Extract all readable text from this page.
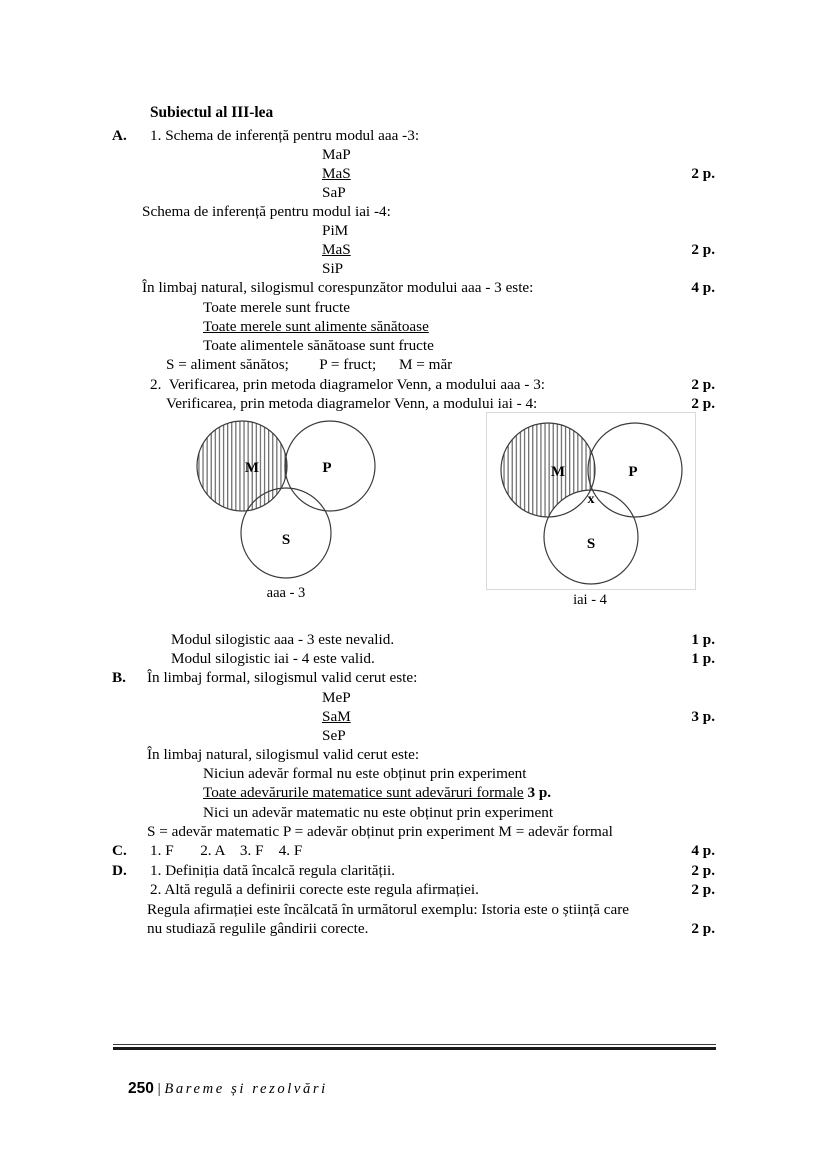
Subiectul al III-lea
A. 1. Schema de inferență pentru modul aaa -3:
MaP
MaS	2 p.
SaP
Schema de inferență pentru modul iai -4:
PiM
MaS	2 p.
SiP
În limbaj natural, silogismul corespunzător modului aaa - 3 este:	4 p.
Toate merele sunt fructe
Toate merele sunt alimente sănătoase
Toate alimentele sănătoase sunt fructe
S = aliment sănătos;        P = fruct;      M = măr
2.  Verificarea, prin metoda diagramelor Venn, a modului aaa - 3:	2 p.
Verificarea, prin metoda diagramelor Venn, a modului iai - 4:	2 p.
M	P
S
aaa - 3
M	P
S
x
iai - 4
Modul silogistic aaa - 3 este nevalid.	1 p.
Modul silogistic iai - 4 este valid.	1 p.
B. În limbaj formal, silogismul valid cerut este:
MeP
SaM	3 p.
SeP
În limbaj natural, silogismul valid cerut este:
Niciun adevăr formal nu este obținut prin experiment
Toate adevărurile matematice sunt adevăruri formale
3 p.
Nici un adevăr matematic nu este obținut prin experiment
S = adevăr matematic P = adevăr obținut prin experiment M = adevăr formal
C. 1. F       2. A    3. F    4. F	4 p.
D. 1. Definiția dată încalcă regula clarității.	2 p.
2. Altă regulă a definirii corecte este regula afirmației.	2 p.
Regula afirmației este încălcată în următorul exemplu: Istoria este o știință care
nu studiază regulile gândirii corecte.	2 p.

250 | Bareme și rezolvări
